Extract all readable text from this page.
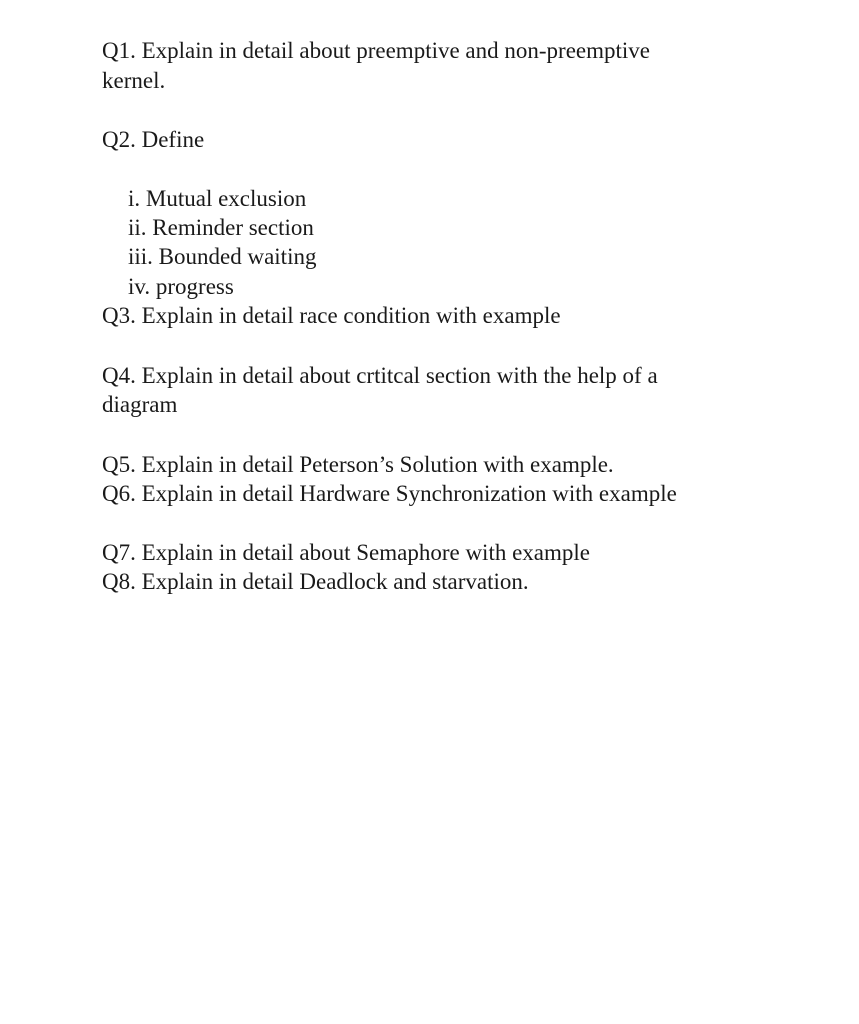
Q1. Explain in detail about preemptive and non-preemptive
kernel.
Q2. Define
i. Mutual exclusion
ii. Reminder section
iii. Bounded waiting
iv. progress
Q3. Explain in detail race condition with example
Q4. Explain in detail about crtitcal section with the help of a
diagram
Q5. Explain in detail Peterson’s Solution with example.
Q6. Explain in detail Hardware Synchronization with example
Q7. Explain in detail about Semaphore with example
Q8. Explain in detail Deadlock and starvation.
